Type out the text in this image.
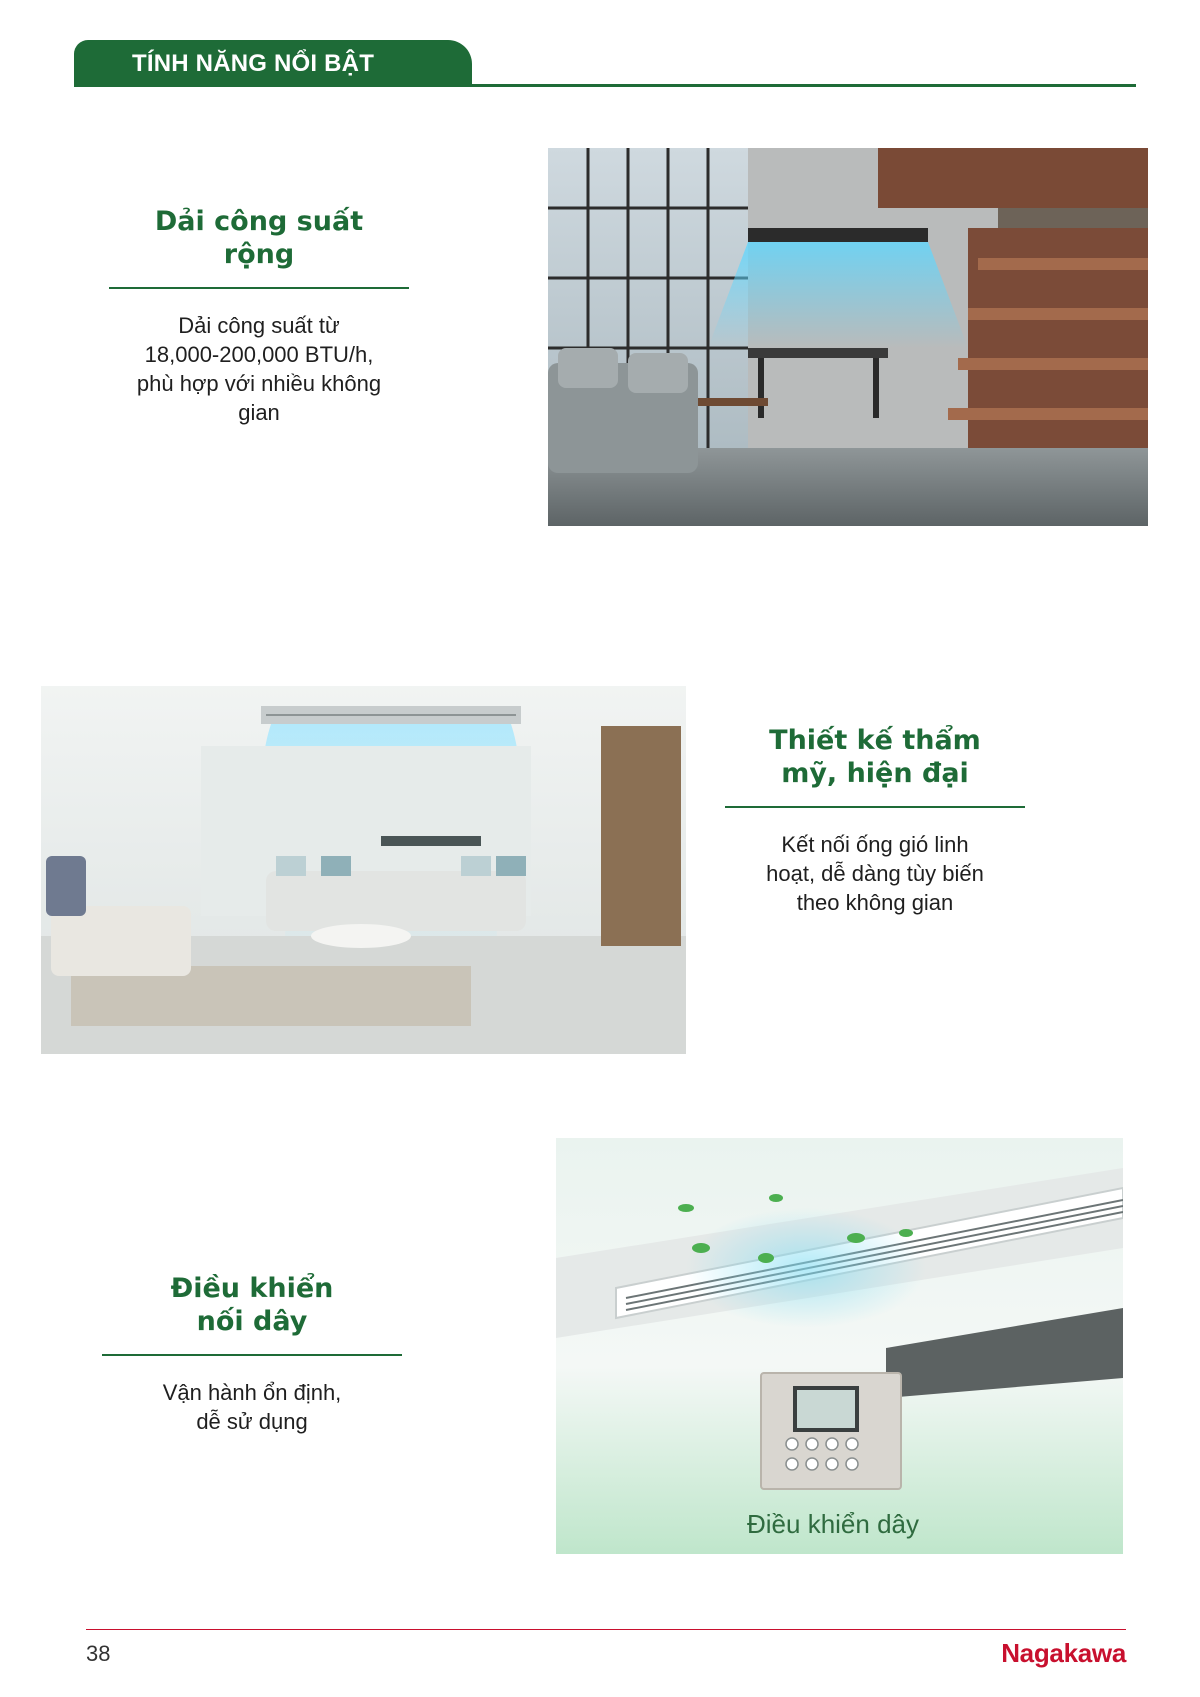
TÍNH NĂNG NỔI BẬT
Dải công suất
rộng

Dải công suất từ
18,000-200,000 BTU/h,
phù hợp với nhiều không
gian

Thiết kế thẩm
mỹ, hiện đại

Kết nối ống gió linh
hoạt, dễ dàng tùy biến
theo không gian

Điều khiển
nối dây

Vận hành ổn định,
dễ sử dụng

Điều khiển dây
38	Nagakawa
